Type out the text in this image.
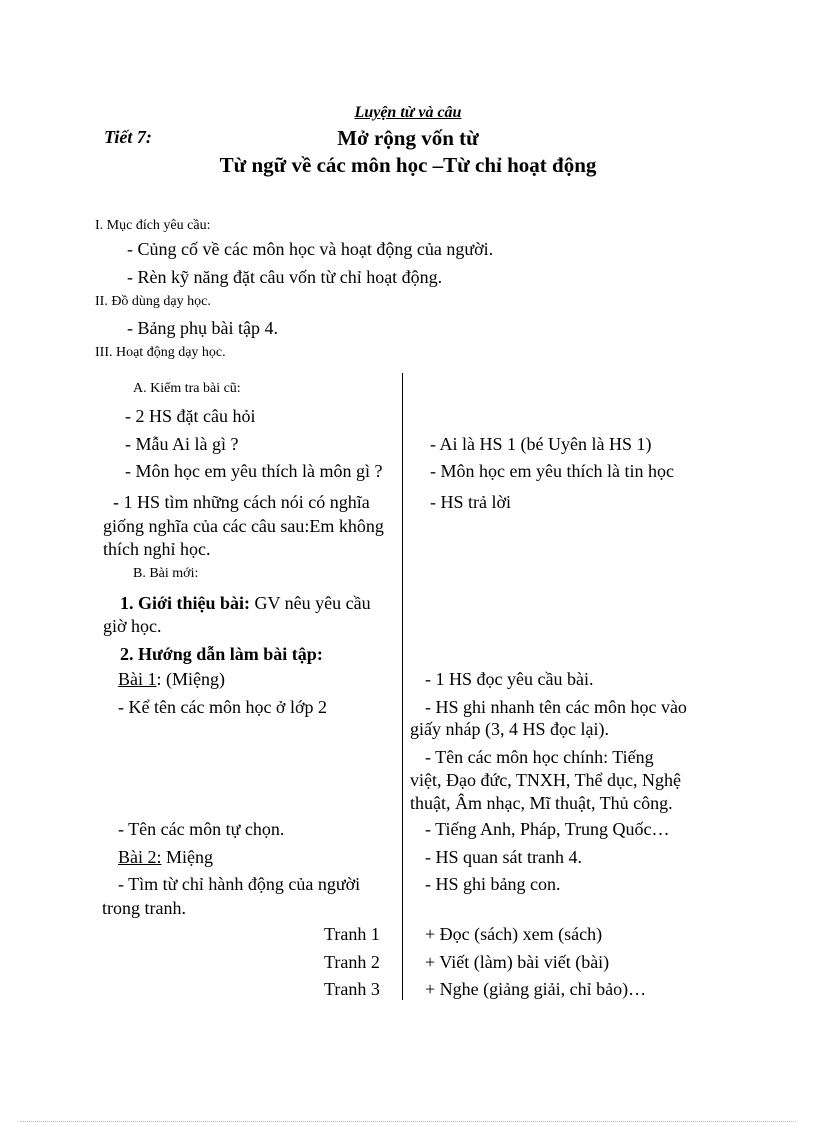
Luyện từ và câu
Tiết 7:	Mở rộng vốn từ
Từ ngữ về các môn học –Từ chỉ hoạt động
I. Mục đích yêu cầu:
- Củng cố về các môn học và hoạt động của người.
- Rèn kỹ năng đặt câu vốn từ chỉ hoạt động.
II. Đồ dùng dạy học.
- Bảng phụ bài tập 4.
III. Hoạt động dạy học.
A. Kiểm tra bài cũ:
- 2 HS đặt câu hỏi
- Mẫu Ai là gì ?
- Môn học em yêu thích là môn gì ?
- 1 HS tìm những cách nói có nghĩa
giống nghĩa của các câu sau:Em không
thích nghỉ học.
B. Bài mới:
1. Giới thiệu bài: GV nêu yêu cầu
giờ học.
2. Hướng dẫn làm bài tập:
Bài 1: (Miệng)
- Kể tên các môn học ở lớp 2
- Tên các môn tự chọn.
Bài 2: Miệng
- Tìm từ chỉ hành động của người
trong tranh.
Tranh 1
Tranh 2
Tranh 3
- Ai là HS 1 (bé Uyên là HS 1)
- Môn học em yêu thích là tin học
- HS trả lời
- 1 HS đọc yêu cầu bài.
- HS ghi nhanh tên các môn học vào
giấy nháp (3, 4 HS đọc lại).
- Tên các môn học chính: Tiếng
việt, Đạo đức, TNXH, Thể dục, Nghệ
thuật, Âm nhạc, Mĩ thuật, Thủ công.
- Tiếng Anh, Pháp, Trung Quốc…
- HS quan sát tranh 4.
- HS ghi bảng con.
+ Đọc (sách) xem (sách)
+ Viết (làm) bài viết (bài)
+ Nghe (giảng giải, chỉ bảo)…
